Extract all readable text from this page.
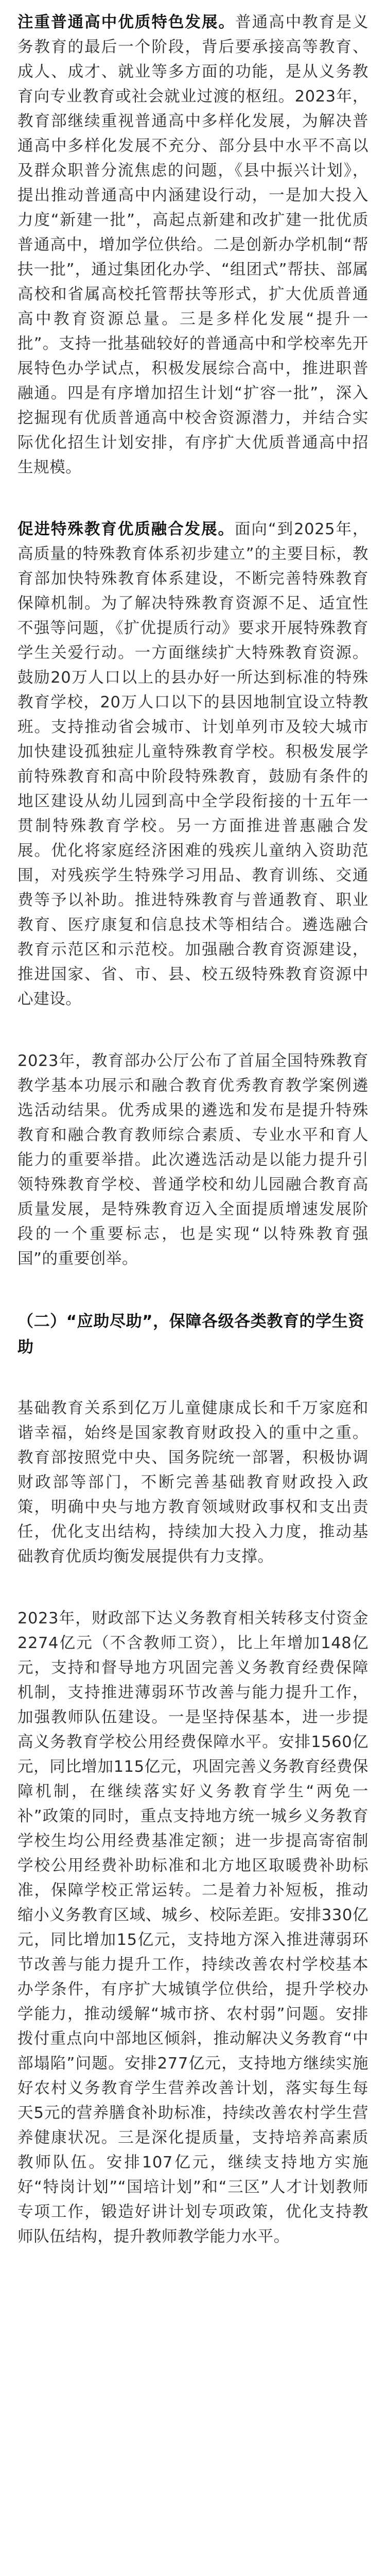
注重普通高中优质特色发展。普通高中教育是义务教育的最后一个阶段，背后要承接高等教育、成人、成才、就业等多方面的功能，是从义务教育向专业教育或社会就业过渡的枢纽。2023年，教育部继续重视普通高中多样化发展，为解决普通高中多样化发展不充分、部分县中水平不高以及群众职普分流焦虑的问题，《县中振兴计划》，提出推动普通高中内涵建设行动，一是加大投入力度“新建一批”，高起点新建和改扩建一批优质普通高中，增加学位供给。二是创新办学机制“帮扶一批”，通过集团化办学、“组团式”帮扶、部属高校和省属高校托管帮扶等形式，扩大优质普通高中教育资源总量。三是多样化发展“提升一批”。支持一批基础较好的普通高中和学校率先开展特色办学试点，积极发展综合高中，推进职普融通。四是有序增加招生计划“扩容一批”，深入挖掘现有优质普通高中校舍资源潜力，并结合实际优化招生计划安排，有序扩大优质普通高中招生规模。

促进特殊教育优质融合发展。面向“到2025年，高质量的特殊教育体系初步建立”的主要目标，教育部加快特殊教育体系建设，不断完善特殊教育保障机制。为了解决特殊教育资源不足、适宜性不强等问题，《扩优提质行动》要求开展特殊教育学生关爱行动。一方面继续扩大特殊教育资源。鼓励20万人口以上的县办好一所达到标准的特殊教育学校，20万人口以下的县因地制宜设立特教班。支持推动省会城市、计划单列市及较大城市加快建设孤独症儿童特殊教育学校。积极发展学前特殊教育和高中阶段特殊教育，鼓励有条件的地区建设从幼儿园到高中全学段衔接的十五年一贯制特殊教育学校。另一方面推进普惠融合发展。优化将家庭经济困难的残疾儿童纳入资助范围，对残疾学生特殊学习用品、教育训练、交通费等予以补助。推进特殊教育与普通教育、职业教育、医疗康复和信息技术等相结合。遴选融合教育示范区和示范校。加强融合教育资源建设，推进国家、省、市、县、校五级特殊教育资源中心建设。

2023年，教育部办公厅公布了首届全国特殊教育教学基本功展示和融合教育优秀教育教学案例遴选活动结果。优秀成果的遴选和发布是提升特殊教育和融合教育教师综合素质、专业水平和育人能力的重要举措。此次遴选活动是以能力提升引领特殊教育学校、普通学校和幼儿园融合教育高质量发展，是特殊教育迈入全面提质增速发展阶段的一个重要标志，也是实现“以特殊教育强国”的重要创举。

（二）“应助尽助”，保障各级各类教育的学生资助

基础教育关系到亿万儿童健康成长和千万家庭和谐幸福，始终是国家教育财政投入的重中之重。教育部按照党中央、国务院统一部署，积极协调财政部等部门，不断完善基础教育财政投入政策，明确中央与地方教育领域财政事权和支出责任，优化支出结构，持续加大投入力度，推动基础教育优质均衡发展提供有力支撑。

2023年，财政部下达义务教育相关转移支付资金2274亿元（不含教师工资），比上年增加148亿元，支持和督导地方巩固完善义务教育经费保障机制，支持推进薄弱环节改善与能力提升工作，加强教师队伍建设。一是坚持保基本，进一步提高义务教育学校公用经费保障水平。安排1560亿元，同比增加115亿元，巩固完善义务教育经费保障机制，在继续落实好义务教育学生“两免一补”政策的同时，重点支持地方统一城乡义务教育学校生均公用经费基准定额；进一步提高寄宿制学校公用经费补助标准和北方地区取暖费补助标准，保障学校正常运转。二是着力补短板，推动缩小义务教育区域、城乡、校际差距。安排330亿元，同比增加15亿元，支持地方深入推进薄弱环节改善与能力提升工作，持续改善农村学校基本办学条件，有序扩大城镇学位供给，提升学校办学能力，推动缓解“城市挤、农村弱”问题。安排拨付重点向中部地区倾斜，推动解决义务教育“中部塌陷”问题。安排277亿元，支持地方继续实施好农村义务教育学生营养改善计划，落实每生每天5元的营养膳食补助标准，持续改善农村学生营养健康状况。三是深化提质量，支持培养高素质教师队伍。安排107亿元，继续支持地方实施好“特岗计划”“国培计划”和“三区”人才计划教师专项工作，锻造好讲计划专项政策，优化支持教师队伍结构，提升教师教学能力水平。
